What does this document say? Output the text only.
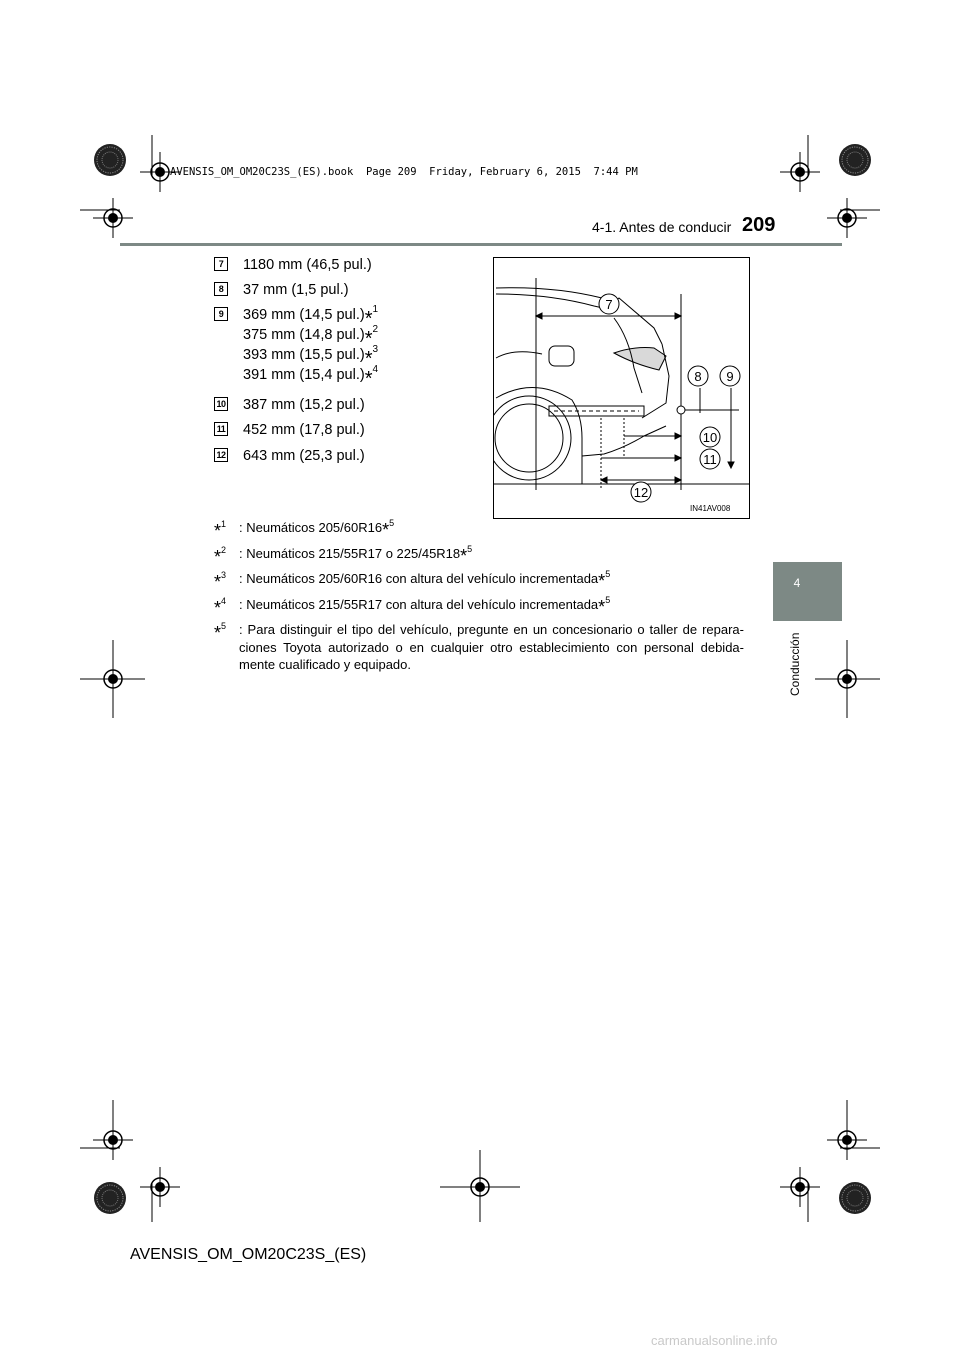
AVENSIS_OM_OM20C23S_(ES).book  Page 209  Friday, February 6, 2015  7:44 PM
4-1. Antes de conducir 209
4
Conducción
7	1180 mm (46,5 pul.)
8	37 mm (1,5 pul.)
9	369 mm (14,5 pul.)$^{*1}$
375 mm (14,8 pul.)$^{*2}$
393 mm (15,5 pul.)$^{*3}$
391 mm (15,4 pul.)$^{*4}$
10 387 mm (15,2 pul.)
11 452 mm (17,8 pul.)
12 643 mm (25,3 pul.)
7
8 9
10
11
12
IN41AV008
*$^1$ : Neumáticos 205/60R16*$^5$
*$^2$ : Neumáticos 215/55R17 o 225/45R18*$^5$
*$^3$ : Neumáticos 205/60R16 con altura del vehículo incrementada*$^5$
*$^4$ : Neumáticos 215/55R17 con altura del vehículo incrementada*$^5$
*$^5$ : Para distinguir el tipo del vehículo, pregunte en un concesionario o taller de reparaciones Toyota autorizado o en cualquier otro establecimiento con personal debidamente cualificado y equipado.
AVENSIS_OM_OM20C23S_(ES)
carmanualsonline.info
